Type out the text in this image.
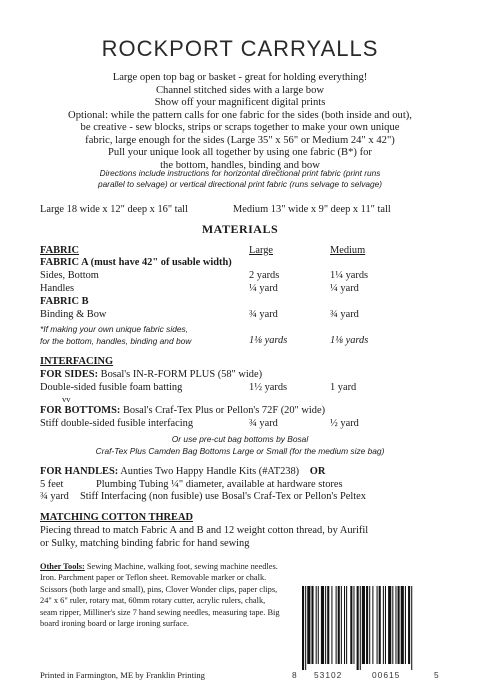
ROCKPORT CARRYALLS
Large open top bag or basket - great for holding everything!
Channel stitched sides with a large bow
Show off your magnificent digital prints
Optional: while the pattern calls for one fabric for the sides (both inside and out),
be creative - sew blocks, strips or scraps together to make your own unique
fabric, large enough for the sides (Large 35" x 56" or Medium 24" x 42")
Pull your unique look all together by using one fabric (B*) for
the bottom, handles, binding and bow
Directions include instructions for horizontal directional print fabric (print runs
parallel to selvage) or vertical directional print fabric (runs selvage to selvage)
Large 18 wide x 12" deep x 16" tall	Medium 13" wide x 9" deep x 11" tall
MATERIALS
FABRIC	Large	Medium
FABRIC A (must have 42" of usable width)
Sides, Bottom	2 yards	1¼ yards
Handles	¼ yard	¼ yard
FABRIC B
Binding & Bow	¾ yard	¾ yard
*If making your own unique fabric sides,
for the bottom, handles, binding and bow	1⅛ yards	1⅛ yards
INTERFACING
FOR SIDES: Bosal's IN-R-FORM PLUS (58" wide)
Double-sided fusible foam batting	1½ yards	1 yard
vv
FOR BOTTOMS: Bosal's Craf-Tex Plus or Pellon's 72F (20" wide)
Stiff double-sided fusible interfacing	¾ yard	½ yard
Or use pre-cut bag bottoms by Bosal
Craf-Tex Plus Camden Bag Bottoms Large or Small (for the medium size bag)
FOR HANDLES: Aunties Two Happy Handle Kits (#AT238) OR
5 feet	Plumbing Tubing ¼" diameter, available at hardware stores
¾ yard Stiff Interfacing (non fusible) use Bosal's Craf-Tex or Pellon's Peltex
MATCHING COTTON THREAD
Piecing thread to match Fabric A and B and 12 weight cotton thread, by Aurifil
or Sulky, matching binding fabric for hand sewing
Other Tools: Sewing Machine, walking foot, sewing machine needles. Iron. Parchment paper or Teflon sheet. Removable marker or chalk. Scissors (both large and small), pins, Clover Wonder clips, paper clips, 24" x 6" ruler, rotary mat, 60mm rotary cutter, acrylic rulers, chalk, seam ripper, Milliner's size 7 hand sewing needles, measuring tape. Big board ironing board or large ironing surface.
Printed in Farmington, ME by Franklin Printing	8 53102	00615	5
